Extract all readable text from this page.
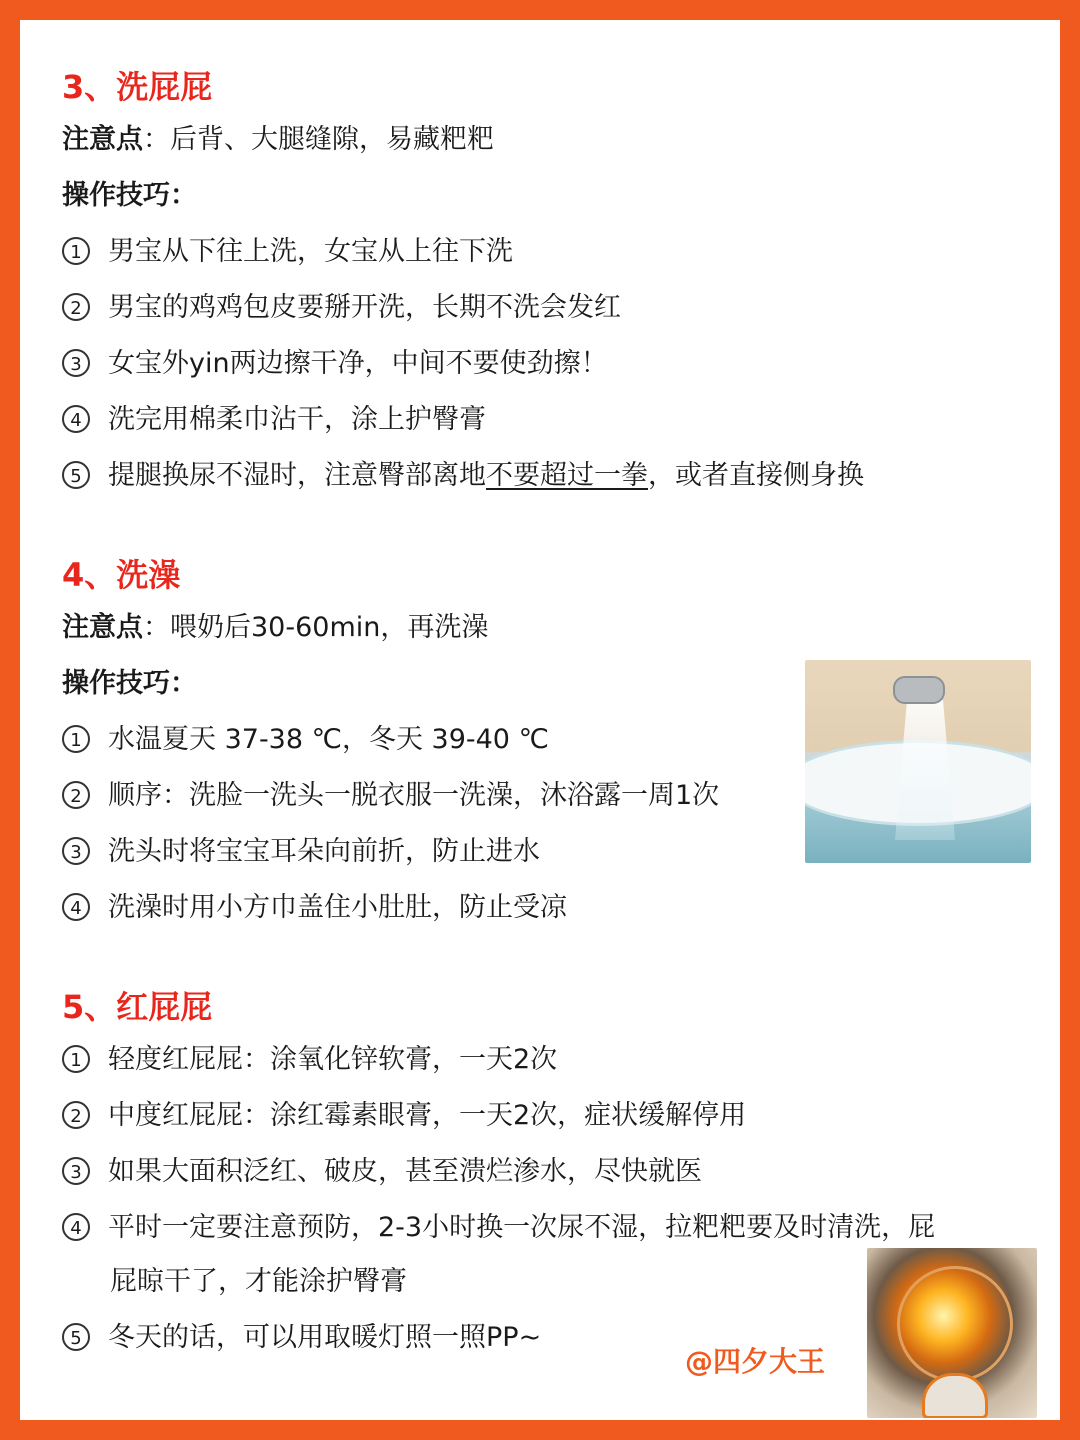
3、洗屁屁
注意点：后背、大腿缝隙，易藏粑粑
操作技巧：
1 男宝从下往上洗，女宝从上往下洗
2 男宝的鸡鸡包皮要掰开洗，长期不洗会发红
3 女宝外yin两边擦干净，中间不要使劲擦！
4 洗完用棉柔巾沾干，涂上护臀膏
5 提腿换尿不湿时，注意臀部离地不要超过一拳，或者直接侧身换
4、洗澡
注意点：喂奶后30-60min，再洗澡
操作技巧：
1 水温夏天 37-38 ℃，冬天 39-40 ℃
2 顺序：洗脸一洗头一脱衣服一洗澡，沐浴露一周1次
3 洗头时将宝宝耳朵向前折，防止进水
4 洗澡时用小方巾盖住小肚肚，防止受凉
5、红屁屁
1 轻度红屁屁：涂氧化锌软膏，一天2次
2 中度红屁屁：涂红霉素眼膏，一天2次，症状缓解停用
3 如果大面积泛红、破皮，甚至溃烂渗水，尽快就医
4 平时一定要注意预防，2-3小时换一次尿不湿，拉粑粑要及时清洗，屁
屁晾干了，才能涂护臀膏
5 冬天的话，可以用取暖灯照一照PP~
@四夕大王
